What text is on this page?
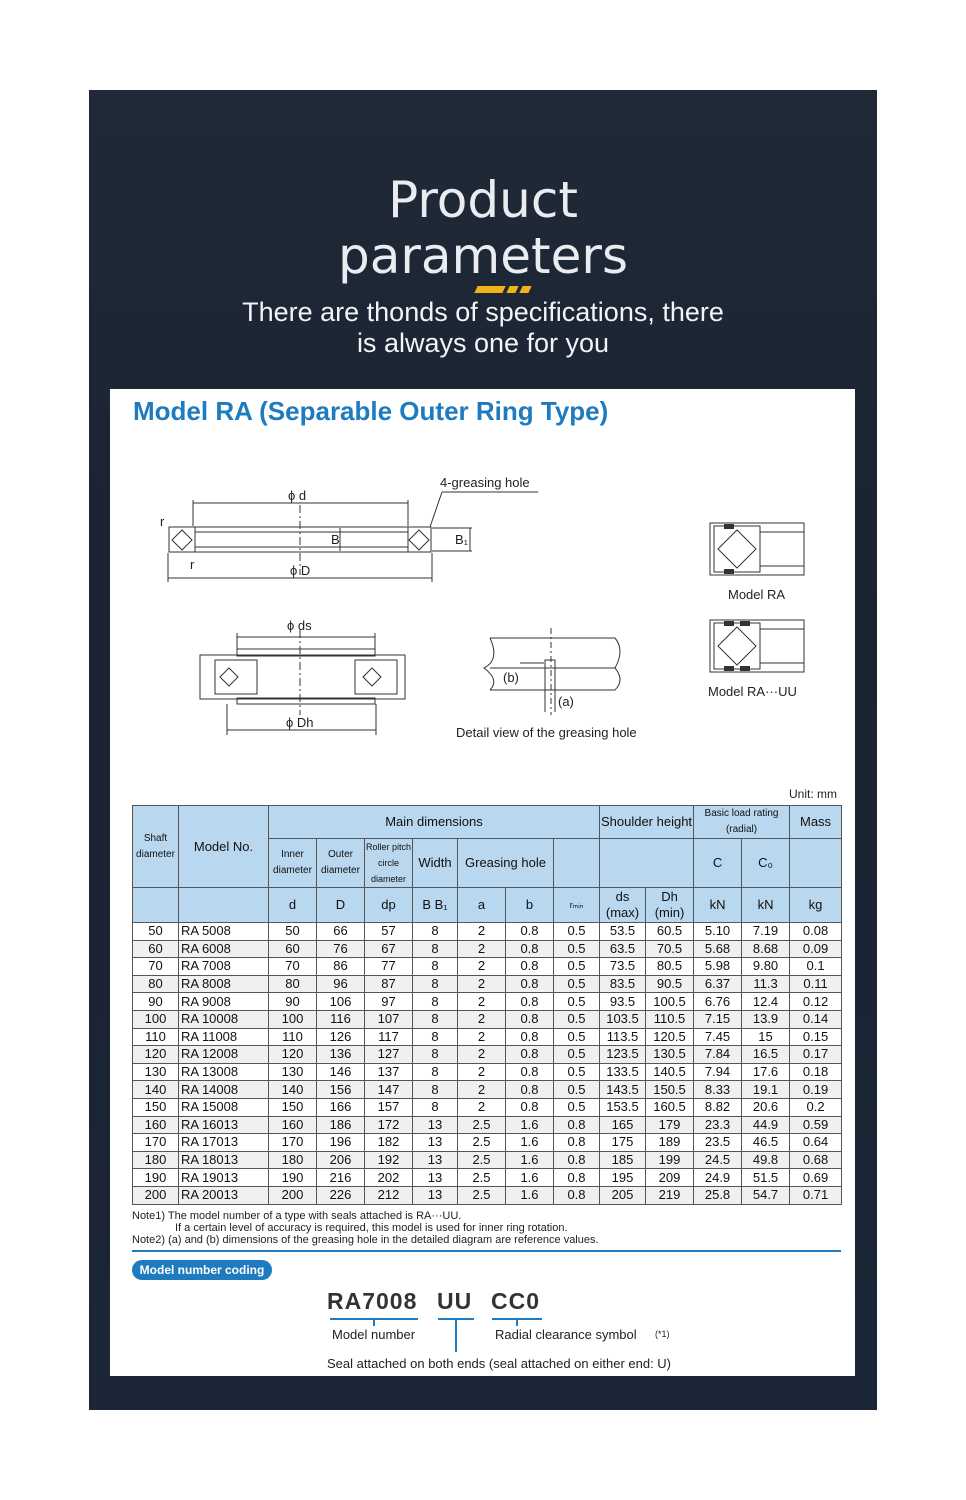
Product
parameters
There are thonds of specifications, there
is always one for you
Model RA (Separable Outer Ring Type)
ϕ d
4-greasing hole
r
r
B	B₁
ϕ D
Model RA
ϕ ds
(b)
(a)
Model RA···UU
ϕ Dh
Detail view of the greasing hole
Unit: mm
Shaft diameter	Model No.	Main dimensions							Shoulder height		Basic load rating (radial)		Mass
		Inner diameter	Outer diameter	Roller pitch circle diameter	Width	Greasing hole					C	C₀	
		d	D	dp	B B₁	a	b	rₘᵢₙ	ds (max)	Dh (min)	kN	kN	kg
50	RA 5008	50	66	57	8	2	0.8	0.5	53.5	60.5	5.10	7.19	0.08
60	RA 6008	60	76	67	8	2	0.8	0.5	63.5	70.5	5.68	8.68	0.09
70	RA 7008	70	86	77	8	2	0.8	0.5	73.5	80.5	5.98	9.80	0.1
80	RA 8008	80	96	87	8	2	0.8	0.5	83.5	90.5	6.37	11.3	0.11
90	RA 9008	90	106	97	8	2	0.8	0.5	93.5	100.5	6.76	12.4	0.12
100	RA 10008	100	116	107	8	2	0.8	0.5	103.5	110.5	7.15	13.9	0.14
110	RA 11008	110	126	117	8	2	0.8	0.5	113.5	120.5	7.45	15	0.15
120	RA 12008	120	136	127	8	2	0.8	0.5	123.5	130.5	7.84	16.5	0.17
130	RA 13008	130	146	137	8	2	0.8	0.5	133.5	140.5	7.94	17.6	0.18
140	RA 14008	140	156	147	8	2	0.8	0.5	143.5	150.5	8.33	19.1	0.19
150	RA 15008	150	166	157	8	2	0.8	0.5	153.5	160.5	8.82	20.6	0.2
160	RA 16013	160	186	172	13	2.5	1.6	0.8	165	179	23.3	44.9	0.59
170	RA 17013	170	196	182	13	2.5	1.6	0.8	175	189	23.5	46.5	0.64
180	RA 18013	180	206	192	13	2.5	1.6	0.8	185	199	24.5	49.8	0.68
190	RA 19013	190	216	202	13	2.5	1.6	0.8	195	209	24.9	51.5	0.69
200	RA 20013	200	226	212	13	2.5	1.6	0.8	205	219	25.8	54.7	0.71
Note1) The model number of a type with seals attached is RA···UU.
If a certain level of accuracy is required, this model is used for inner ring rotation.
Note2) (a) and (b) dimensions of the greasing hole in the detailed diagram are reference values.
Model number coding
RA7008 UU CC0
Model number	Radial clearance symbol (*1)
Seal attached on both ends (seal attached on either end: U)
